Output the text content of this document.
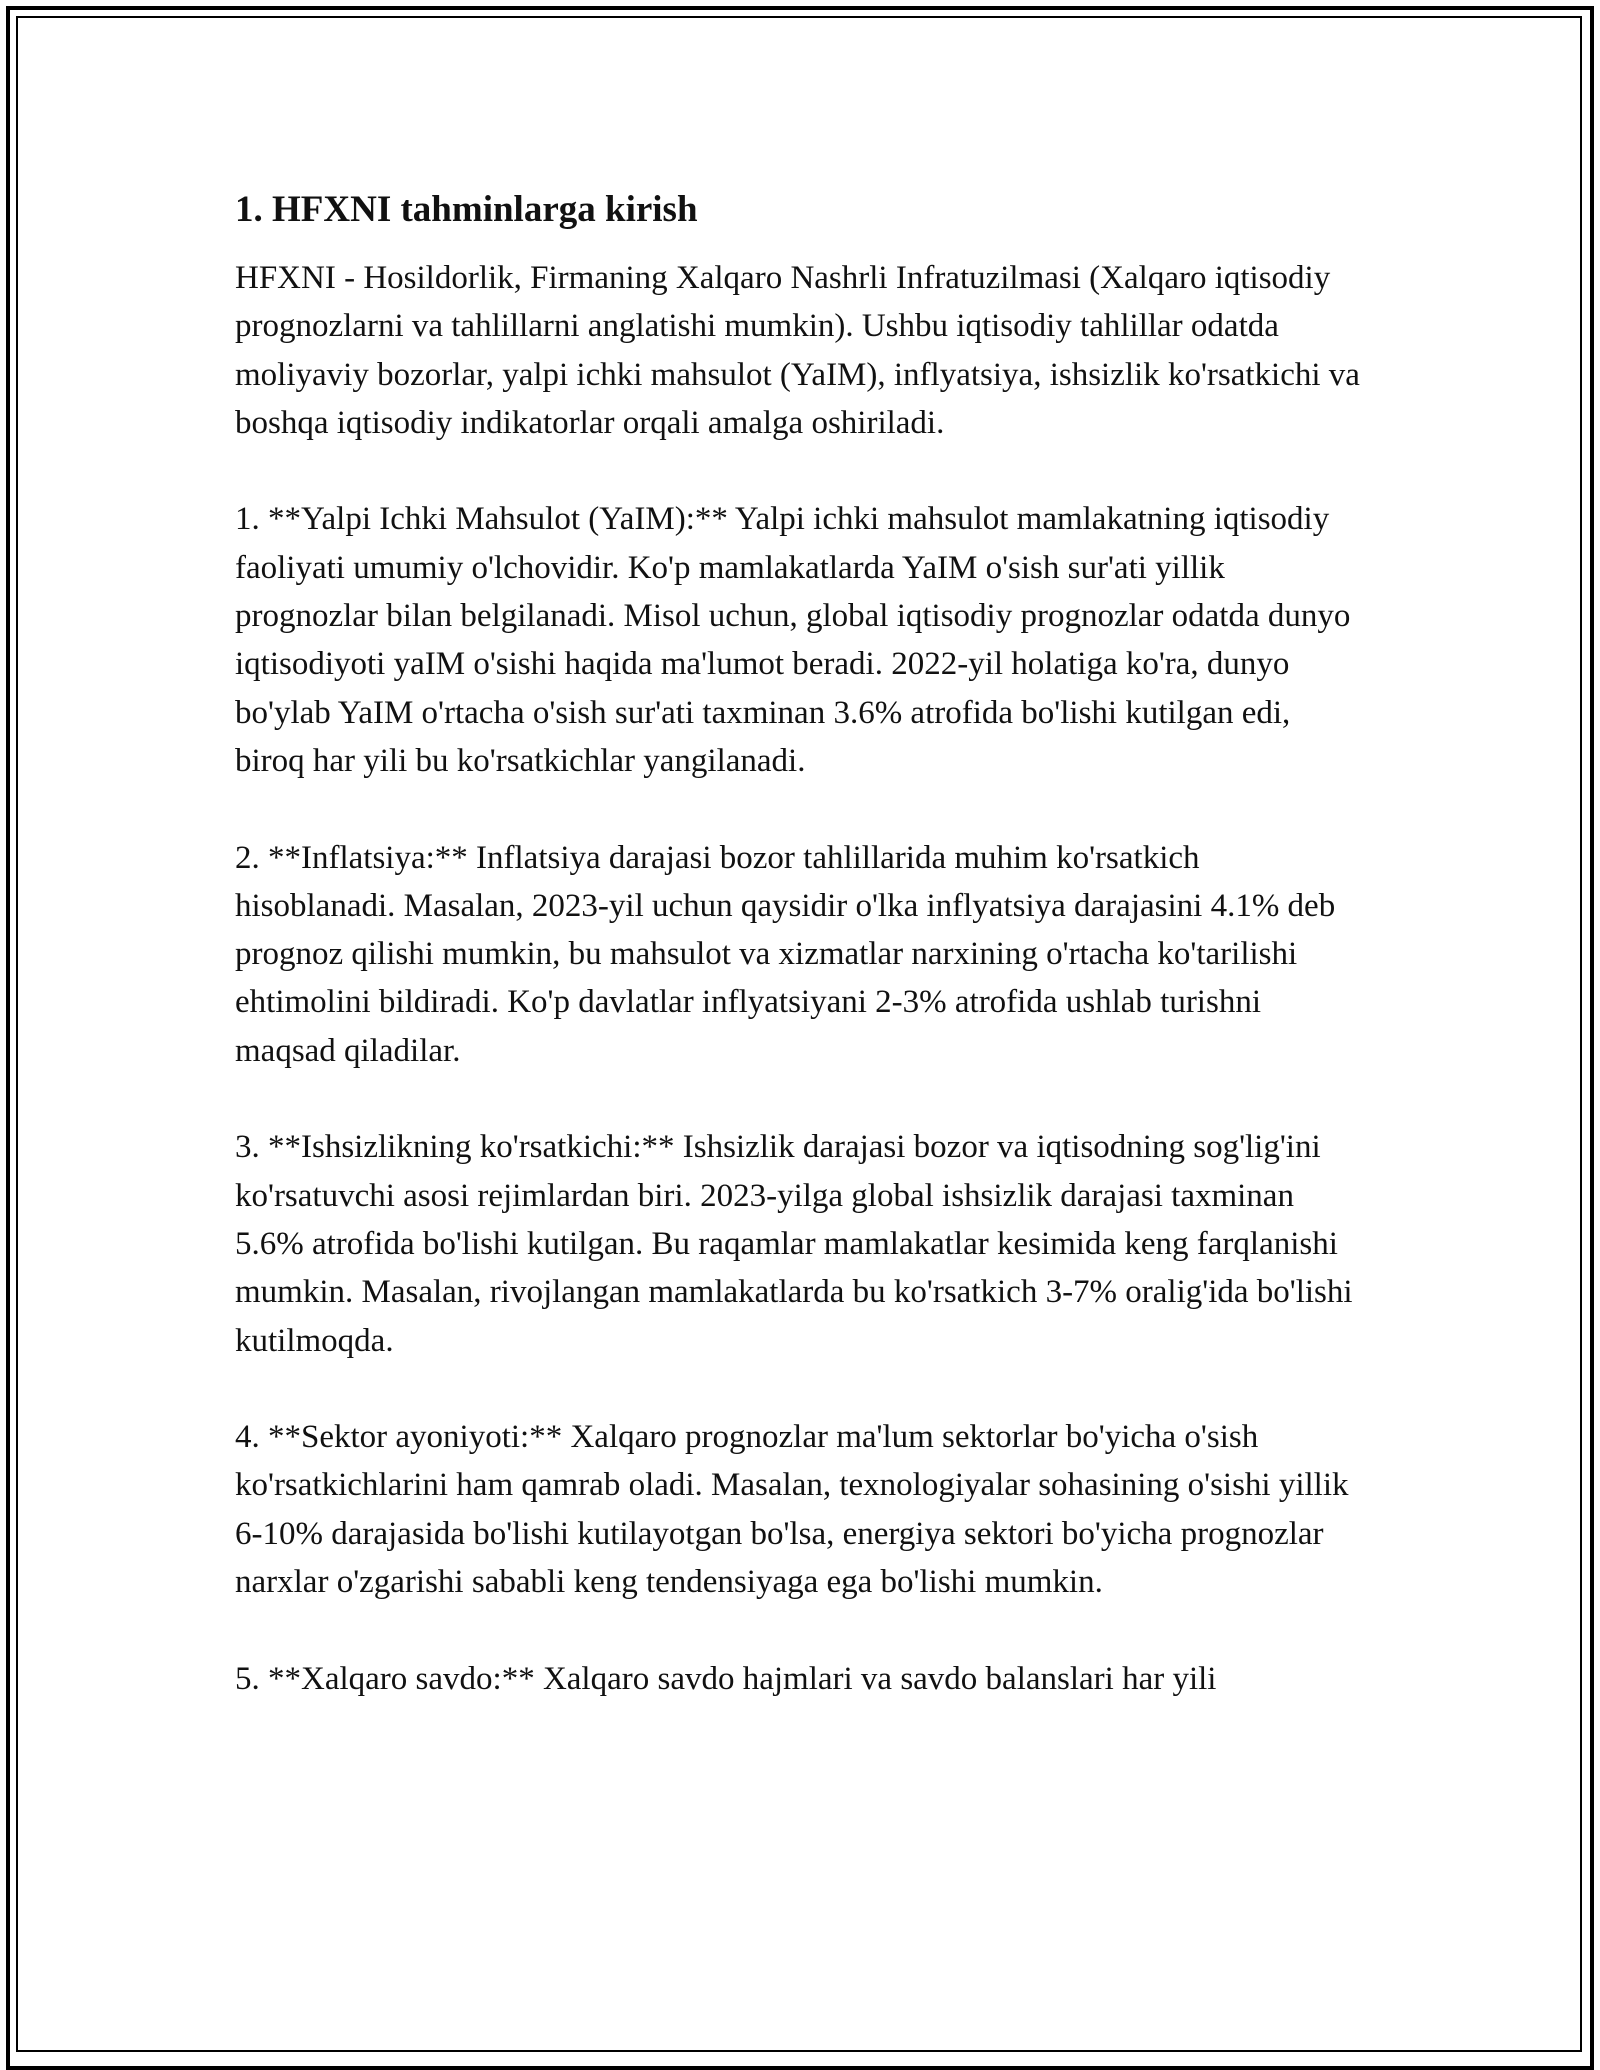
1. HFXNI tahminlarga kirish

HFXNI - Hosildorlik, Firmaning Xalqaro Nashrli Infratuzilmasi (Xalqaro iqtisodiy prognozlarni va tahlillarni anglatishi mumkin). Ushbu iqtisodiy tahlillar odatda moliyaviy bozorlar, yalpi ichki mahsulot (YaIM), inflyatsiya, ishsizlik ko'rsatkichi va boshqa iqtisodiy indikatorlar orqali amalga oshiriladi.

1. **Yalpi Ichki Mahsulot (YaIM):** Yalpi ichki mahsulot mamlakatning iqtisodiy faoliyati umumiy o'lchovidir. Ko'p mamlakatlarda YaIM o'sish sur'ati yillik prognozlar bilan belgilanadi. Misol uchun, global iqtisodiy prognozlar odatda dunyo iqtisodiyoti yaIM o'sishi haqida ma'lumot beradi. 2022-yil holatiga ko'ra, dunyo bo'ylab YaIM o'rtacha o'sish sur'ati taxminan 3.6% atrofida bo'lishi kutilgan edi, biroq har yili bu ko'rsatkichlar yangilanadi.

2. **Inflatsiya:** Inflatsiya darajasi bozor tahlillarida muhim ko'rsatkich hisoblanadi. Masalan, 2023-yil uchun qaysidir o'lka inflyatsiya darajasini 4.1% deb prognoz qilishi mumkin, bu mahsulot va xizmatlar narxining o'rtacha ko'tarilishi ehtimolini bildiradi. Ko'p davlatlar inflyatsiyani 2-3% atrofida ushlab turishni maqsad qiladilar.

3. **Ishsizlikning ko'rsatkichi:** Ishsizlik darajasi bozor va iqtisodning sog'lig'ini ko'rsatuvchi asosi rejimlardan biri. 2023-yilga global ishsizlik darajasi taxminan 5.6% atrofida bo'lishi kutilgan. Bu raqamlar mamlakatlar kesimida keng farqlanishi mumkin. Masalan, rivojlangan mamlakatlarda bu ko'rsatkich 3-7% oralig'ida bo'lishi kutilmoqda.

4. **Sektor ayoniyoti:** Xalqaro prognozlar ma'lum sektorlar bo'yicha o'sish ko'rsatkichlarini ham qamrab oladi. Masalan, texnologiyalar sohasining o'sishi yillik 6-10% darajasida bo'lishi kutilayotgan bo'lsa, energiya sektori bo'yicha prognozlar narxlar o'zgarishi sababli keng tendensiyaga ega bo'lishi mumkin.

5. **Xalqaro savdo:** Xalqaro savdo hajmlari va savdo balanslari har yili
